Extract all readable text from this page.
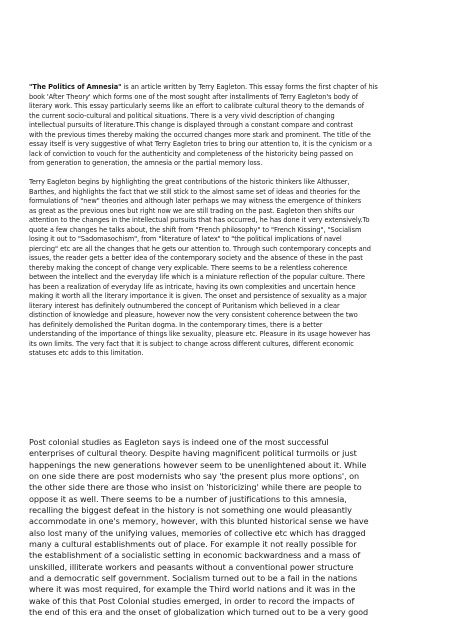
"The Politics of Amnesia" is an article written by Terry Eagleton. This essay forms the first chapter of his
book 'After Theory' which forms one of the most sought after installments of Terry Eagleton's body of
literary work. This essay particularly seems like an effort to calibrate cultural theory to the demands of
the current socio-cultural and political situations. There is a very vivid description of changing
intellectual pursuits of literature.This change is displayed through a constant compare and contrast
with the previous times thereby making the occurred changes more stark and prominent. The title of the
essay itself is very suggestive of what Terry Eagleton tries to bring our attention to, it is the cynicism or a
lack of conviction to vouch for the authenticity and completeness of the historicity being passed on
from generation to generation, the amnesia or the partial memory loss.
Terry Eagleton begins by highlighting the great contributions of the historic thinkers like Althusser,
Barthes, and highlights the fact that we still stick to the almost same set of ideas and theories for the
formulations of "new" theories and although later perhaps we may witness the emergence of thinkers
as great as the previous ones but right now we are still trading on the past. Eagleton then shifts our
attention to the changes in the intellectual pursuits that has occurred, he has done it very extensively.To
quote a few changes he talks about, the shift from "French philosophy" to "French Kissing", "Socialism
losing it out to "Sadomasochism", from "literature of latex" to "the political implications of navel
piercing" etc are all the changes that he gets our attention to. Through such contemporary concepts and
issues, the reader gets a better idea of the contemporary society and the absence of these in the past
thereby making the concept of change very explicable. There seems to be a relentless coherence
between the intellect and the everyday life which is a miniature reflection of the popular culture. There
has been a realization of everyday life as intricate, having its own complexities and uncertain hence
making it worth all the literary importance it is given. The onset and persistence of sexuality as a major
literary interest has definitely outnumbered the concept of Puritanism which believed in a clear
distinction of knowledge and pleasure, however now the very consistent coherence between the two
has definitely demolished the Puritan dogma. In the contemporary times, there is a better
understanding of the importance of things like sexuality, pleasure etc. Pleasure in its usage however has
its own limits. The very fact that it is subject to change across different cultures, different economic
statuses etc adds to this limitation.
Post colonial studies as Eagleton says is indeed one of the most successful
enterprises of cultural theory. Despite having magnificent political turmoils or just
happenings the new generations however seem to be unenlightened about it. While
on one side there are post modernists who say 'the present plus more options', on
the other side there are those who insist on 'historicizing' while there are people to
oppose it as well. There seems to be a number of justifications to this amnesia,
recalling the biggest defeat in the history is not something one would pleasantly
accommodate in one's memory, however, with this blunted historical sense we have
also lost many of the unifying values, memories of collective etc which has dragged
many a cultural establishments out of place. For example it not really possible for
the establishment of a socialistic setting in economic backwardness and a mass of
unskilled, illiterate workers and peasants without a conventional power structure
and a democratic self government. Socialism turned out to be a fail in the nations
where it was most required, for example the Third world nations and it was in the
wake of this that Post Colonial studies emerged, in order to record the impacts of
the end of this era and the onset of globalization which turned out to be a very good
